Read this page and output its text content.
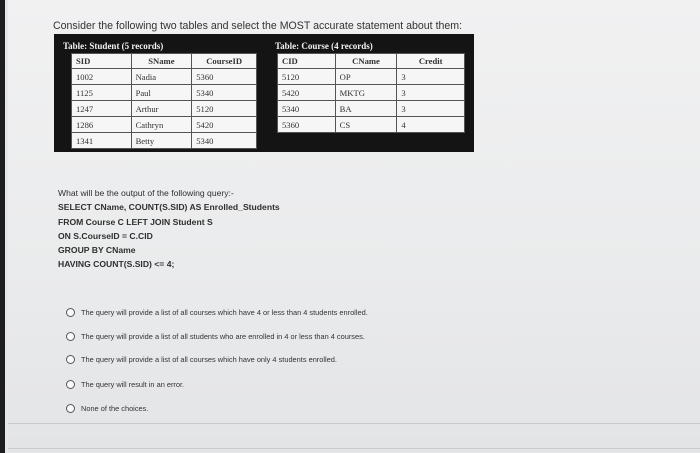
Consider the following two tables and select the MOST accurate statement about them:
Table: Student (5 records)	Table: Course (4 records)
SID	SName	CourseID
1002	Nadia	5360
1125	Paul	5340
1247	Arthur	5120
1286	Cathryn	5420
1341	Betty	5340
CID	CName	Credit
5120	OP	3
5420	MKTG	3
5340	BA	3
5360	CS	4
What will be the output of the following query:-
SELECT CName, COUNT(S.SID) AS Enrolled_Students
FROM Course C LEFT JOIN Student S
ON S.CourseID = C.CID
GROUP BY CName
HAVING COUNT(S.SID) <= 4;
The query will provide a list of all courses which have 4 or less than 4 students enrolled.
The query will provide a list of all students who are enrolled in 4 or less than 4 courses.
The query will provide a list of all courses which have only 4 students enrolled.
The query will result in an error.
None of the choices.
